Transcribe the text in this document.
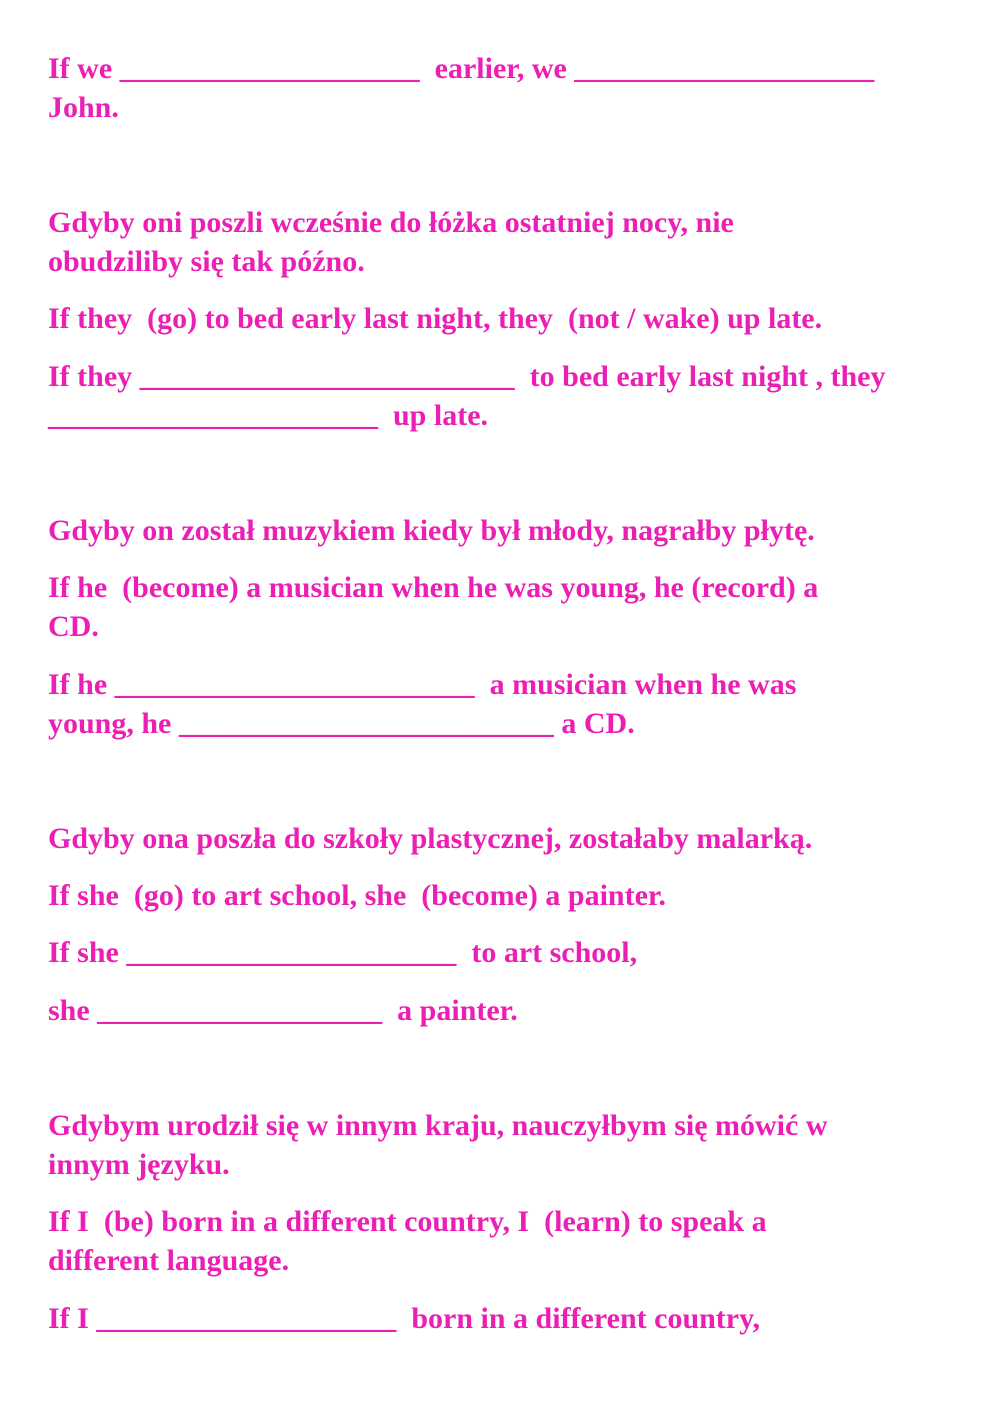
If we ____________________  earlier, we ____________________

John.

Gdyby oni poszli wcześnie do łóżka ostatniej nocy, nie

obudziliby się tak późno.

If they  (go) to bed early last night, they  (not / wake) up late.

If they _________________________  to bed early last night , they

______________________  up late.

Gdyby on został muzykiem kiedy był młody, nagrałby płytę.

If he  (become) a musician when he was young, he (record) a

CD.

If he ________________________  a musician when he was

young, he _________________________ a CD.

Gdyby ona poszła do szkoły plastycznej, zostałaby malarką.

If she  (go) to art school, she  (become) a painter.

If she ______________________  to art school,

she ___________________  a painter.

Gdybym urodził się w innym kraju, nauczyłbym się mówić w

innym języku.

If I  (be) born in a different country, I  (learn) to speak a

different language.

If I ____________________  born in a different country,
